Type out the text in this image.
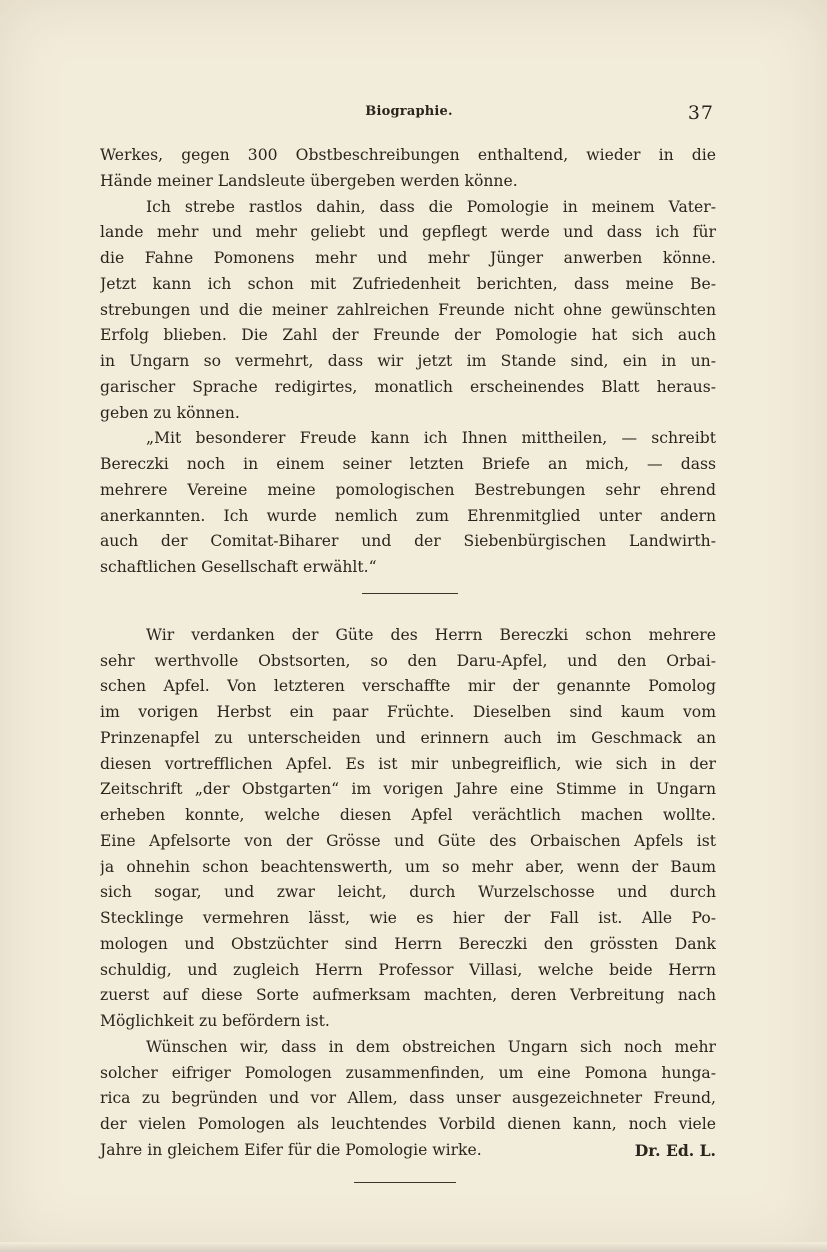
Biographie.	37
Werkes, gegen 300 Obstbeschreibungen enthaltend, wieder in die
Hände meiner Landsleute übergeben werden könne.
Ich strebe rastlos dahin, dass die Pomologie in meinem Vater-
lande mehr und mehr geliebt und gepflegt werde und dass ich für
die Fahne Pomonens mehr und mehr Jünger anwerben könne.
Jetzt kann ich schon mit Zufriedenheit berichten, dass meine Be-
strebungen und die meiner zahlreichen Freunde nicht ohne gewünschten
Erfolg blieben. Die Zahl der Freunde der Pomologie hat sich auch
in Ungarn so vermehrt, dass wir jetzt im Stande sind, ein in un-
garischer Sprache redigirtes, monatlich erscheinendes Blatt heraus-
geben zu können.
„Mit besonderer Freude kann ich Ihnen mittheilen, — schreibt
Bereczki noch in einem seiner letzten Briefe an mich, — dass
mehrere Vereine meine pomologischen Bestrebungen sehr ehrend
anerkannten. Ich wurde nemlich zum Ehrenmitglied unter andern
auch der Comitat-Biharer und der Siebenbürgischen Landwirth-
schaftlichen Gesellschaft erwählt.“
Wir verdanken der Güte des Herrn Bereczki schon mehrere
sehr werthvolle Obstsorten, so den Daru-Apfel, und den Orbai-
schen Apfel. Von letzteren verschaffte mir der genannte Pomolog
im vorigen Herbst ein paar Früchte. Dieselben sind kaum vom
Prinzenapfel zu unterscheiden und erinnern auch im Geschmack an
diesen vortrefflichen Apfel. Es ist mir unbegreiflich, wie sich in der
Zeitschrift „der Obstgarten“ im vorigen Jahre eine Stimme in Ungarn
erheben konnte, welche diesen Apfel verächtlich machen wollte.
Eine Apfelsorte von der Grösse und Güte des Orbaischen Apfels ist
ja ohnehin schon beachtenswerth, um so mehr aber, wenn der Baum
sich sogar, und zwar leicht, durch Wurzelschosse und durch
Stecklinge vermehren lässt, wie es hier der Fall ist. Alle Po-
mologen und Obstzüchter sind Herrn Bereczki den grössten Dank
schuldig, und zugleich Herrn Professor Villasi, welche beide Herrn
zuerst auf diese Sorte aufmerksam machten, deren Verbreitung nach
Möglichkeit zu befördern ist.
Wünschen wir, dass in dem obstreichen Ungarn sich noch mehr
solcher eifriger Pomologen zusammenfinden, um eine Pomona hunga-
rica zu begründen und vor Allem, dass unser ausgezeichneter Freund,
der vielen Pomologen als leuchtendes Vorbild dienen kann, noch viele
Jahre in gleichem Eifer für die Pomologie wirke.	Dr. Ed. L.
